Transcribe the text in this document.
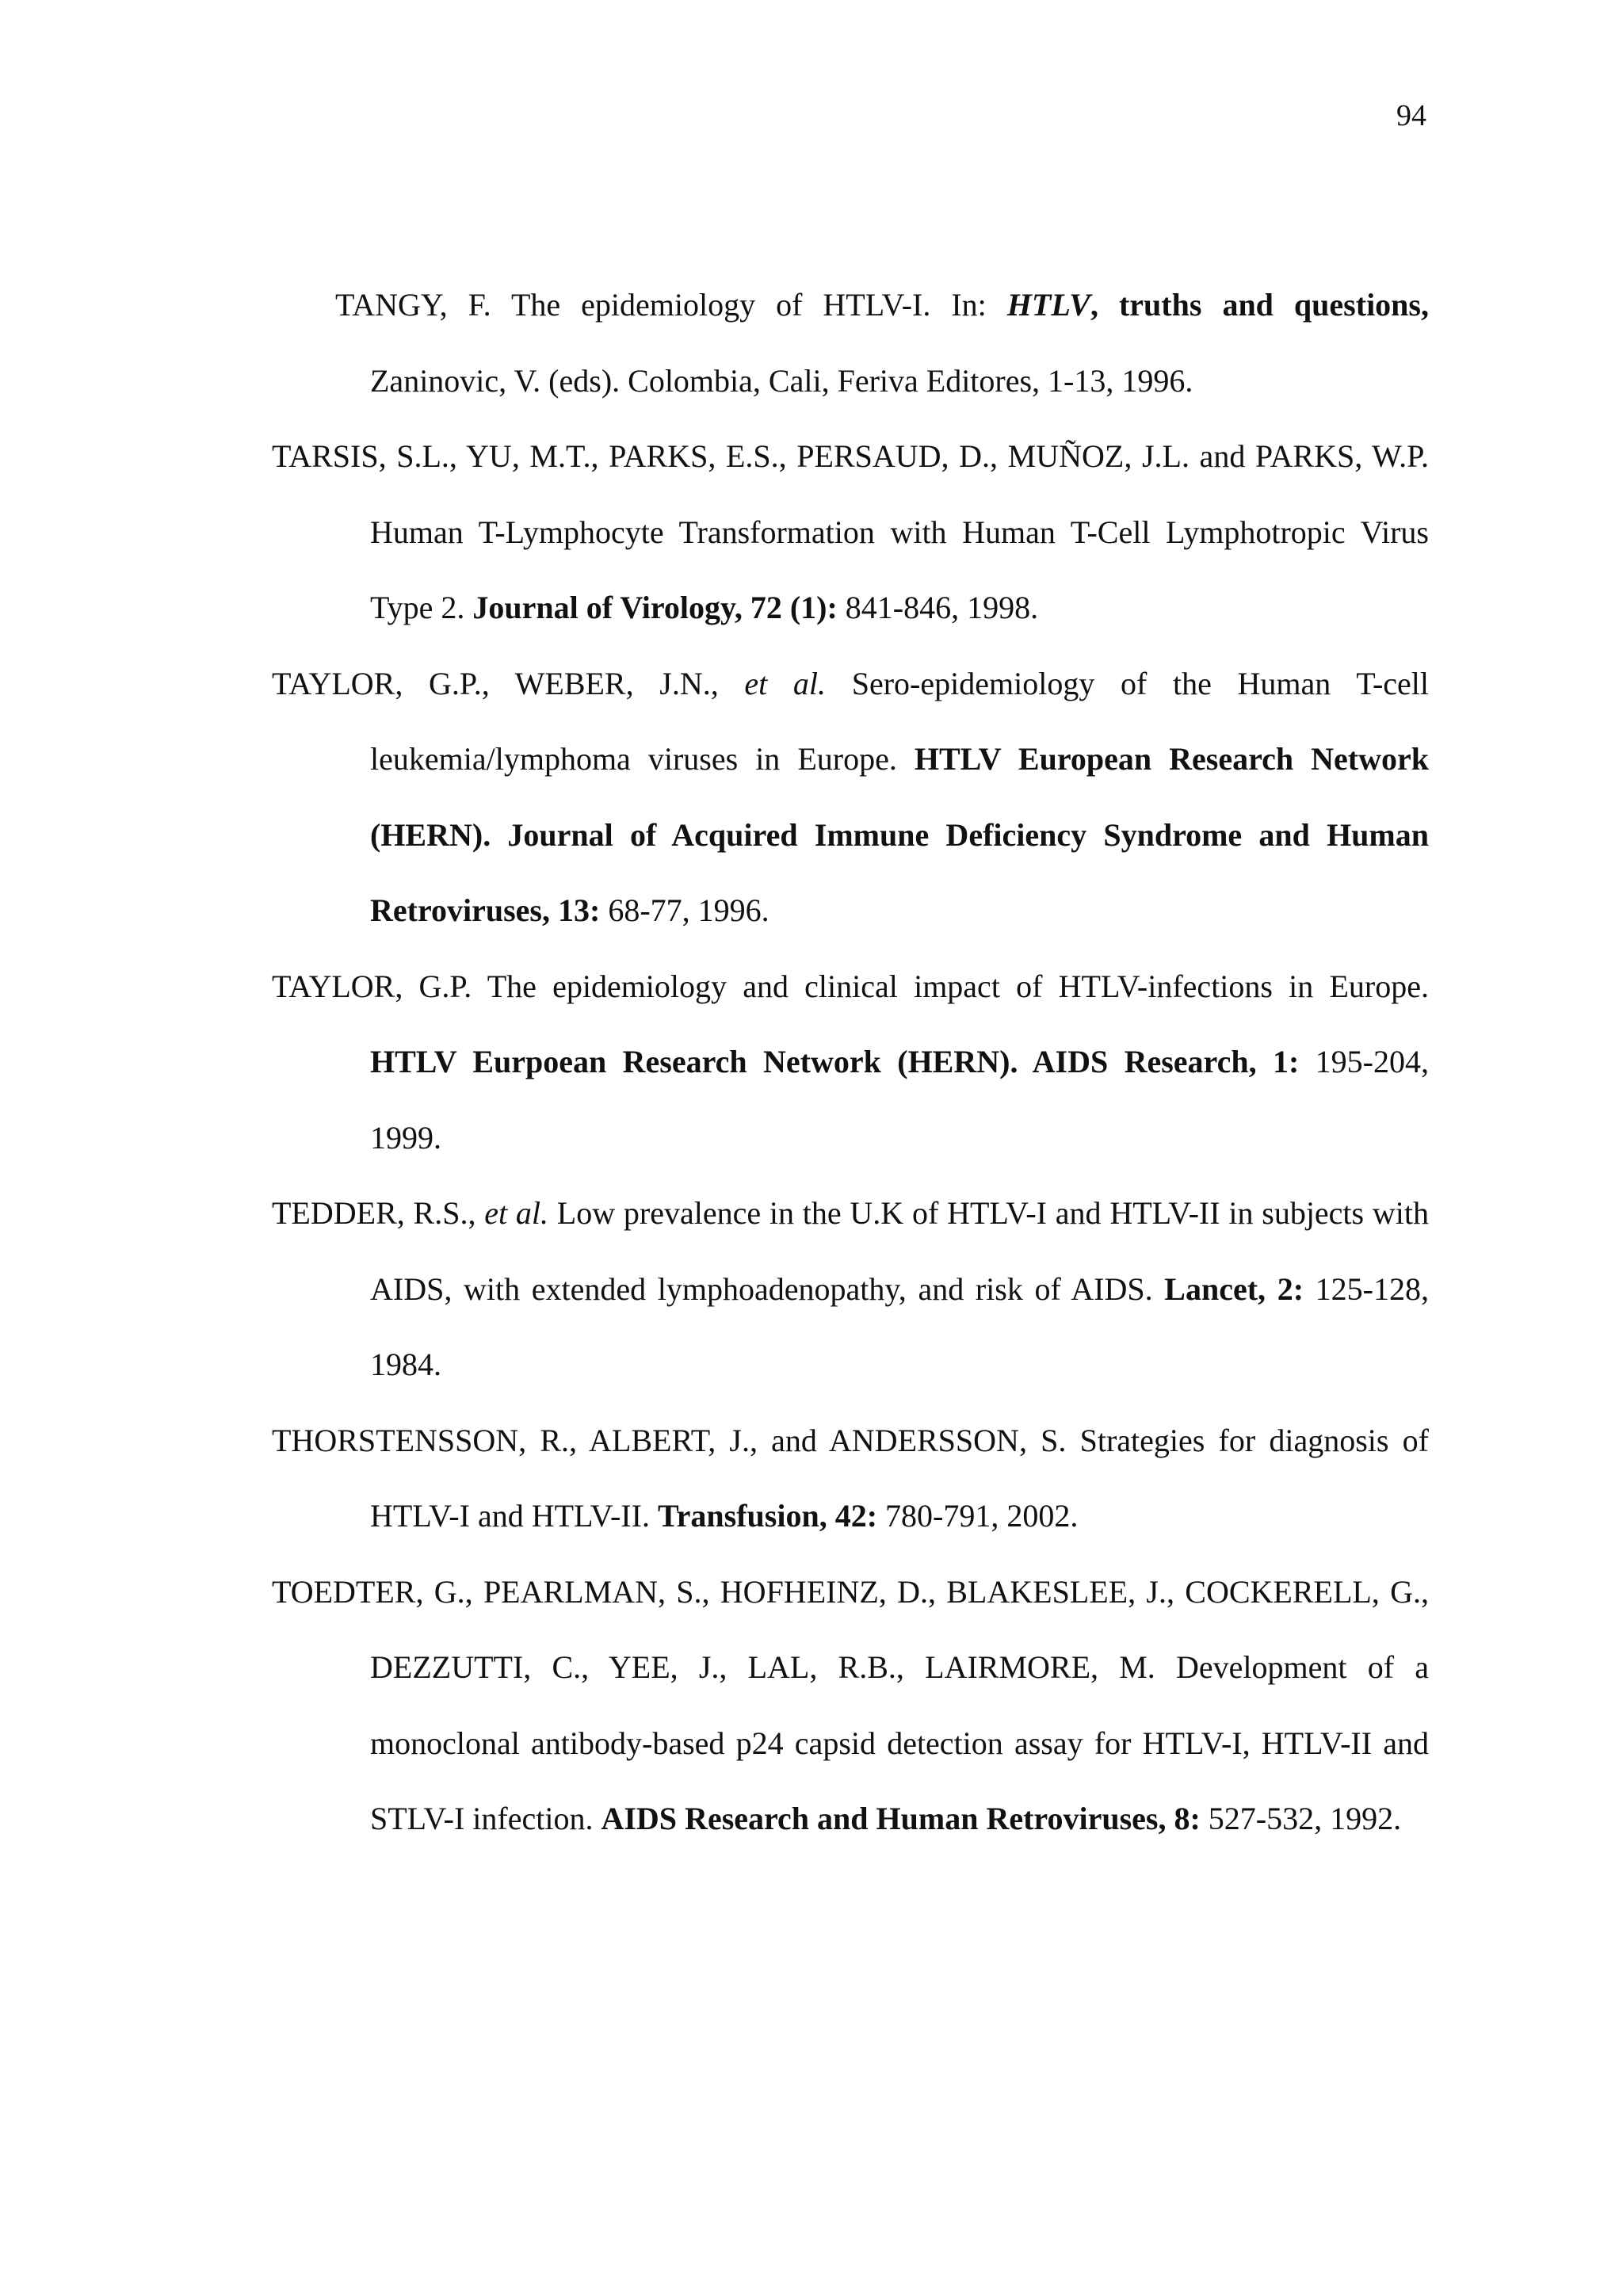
94

TANGY, F. The epidemiology of HTLV-I. In: HTLV, truths and questions, Zaninovic, V. (eds). Colombia, Cali, Feriva Editores, 1-13, 1996.

TARSIS, S.L., YU, M.T., PARKS, E.S., PERSAUD, D., MUÑOZ, J.L. and PARKS, W.P. Human T-Lymphocyte Transformation with Human T-Cell Lymphotropic Virus Type 2. Journal of Virology, 72 (1): 841-846, 1998.

TAYLOR, G.P., WEBER, J.N., et al. Sero-epidemiology of the Human T-cell leukemia/lymphoma viruses in Europe. HTLV European Research Network (HERN). Journal of Acquired Immune Deficiency Syndrome and Human Retroviruses, 13: 68-77, 1996.

TAYLOR, G.P. The epidemiology and clinical impact of HTLV-infections in Europe. HTLV Eurpoean Research Network (HERN). AIDS Research, 1: 195-204, 1999.

TEDDER, R.S., et al. Low prevalence in the U.K of HTLV-I and HTLV-II in subjects with AIDS, with extended lymphoadenopathy, and risk of AIDS. Lancet, 2: 125-128, 1984.

THORSTENSSON, R., ALBERT, J., and ANDERSSON, S. Strategies for diagnosis of HTLV-I and HTLV-II. Transfusion, 42: 780-791, 2002.

TOEDTER, G., PEARLMAN, S., HOFHEINZ, D., BLAKESLEE, J., COCKERELL, G., DEZZUTTI, C., YEE, J., LAL, R.B., LAIRMORE, M. Development of a monoclonal antibody-based p24 capsid detection assay for HTLV-I, HTLV-II and STLV-I infection. AIDS Research and Human Retroviruses, 8: 527-532, 1992.
